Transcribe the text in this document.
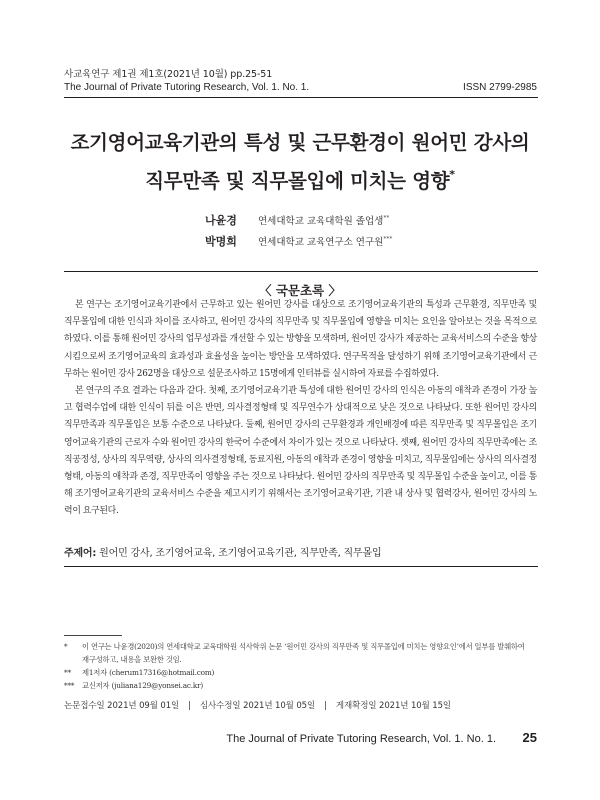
사교육연구 제1권 제1호(2021년 10월) pp.25-51
The Journal of Private Tutoring Research, Vol. 1. No. 1.	ISSN 2799-2985
조기영어교육기관의 특성 및 근무환경이 원어민 강사의
직무만족 및 직무몰입에 미치는 영향*
나윤경 연세대학교 교육대학원 졸업생**
박명희 연세대학교 교육연구소 연구원***
〈 국문초록 〉

본 연구는 조기영어교육기관에서 근무하고 있는 원어민 강사를 대상으로 조기영어교육기관의 특성과 근무환경, 직무만족 및 직무몰입에 대한 인식과 차이를 조사하고, 원어민 강사의 직무만족 및 직무몰입에 영향을 미치는 요인을 알아보는 것을 목적으로 하였다. 이를 통해 원어민 강사의 업무성과를 개선할 수 있는 방향을 모색하며, 원어민 강사가 제공하는 교육서비스의 수준을 향상시킴으로써 조기영어교육의 효과성과 효율성을 높이는 방안을 모색하였다. 연구목적을 달성하기 위해 조기영어교육기관에서 근무하는 원어민 강사 262명을 대상으로 설문조사하고 15명에게 인터뷰를 실시하여 자료를 수집하였다.

본 연구의 주요 결과는 다음과 같다. 첫째, 조기영어교육기관 특성에 대한 원어민 강사의 인식은 아동의 애착과 존경이 가장 높고 협력수업에 대한 인식이 뒤를 이은 반면, 의사결정형태 및 직무연수가 상대적으로 낮은 것으로 나타났다. 또한 원어민 강사의 직무만족과 직무몰입은 보통 수준으로 나타났다. 둘째, 원어민 강사의 근무환경과 개인배경에 따른 직무만족 및 직무몰입은 조기영어교육기관의 근로자 수와 원어민 강사의 한국어 수준에서 차이가 있는 것으로 나타났다. 셋째, 원어민 강사의 직무만족에는 조직공정성, 상사의 직무역량, 상사의 의사결정형태, 동료지원, 아동의 애착과 존경이 영향을 미치고, 직무몰입에는 상사의 의사결정형태, 아동의 애착과 존경, 직무만족이 영향을 주는 것으로 나타났다. 원어민 강사의 직무만족 및 직무몰입 수준을 높이고, 이를 통해 조기영어교육기관의 교육서비스 수준을 제고시키기 위해서는 조기영어교육기관, 기관 내 상사 및 협력강사, 원어민 강사의 노력이 요구된다.

주제어: 원어민 강사, 조기영어교육, 조기영어교육기관, 직무만족, 직무몰입
* 이 연구는 나윤경(2020)의 연세대학교 교육대학원 석사학위 논문 ‘원어민 강사의 직무만족 및 직무몰입에 미치는 영향요인’에서 일부를 발췌하여
재구성하고, 내용을 보완한 것임.
** 제1저자 (cherum17316@hotmail.com)
*** 교신저자 (juliana129@yonsei.ac.kr)
논문접수일 2021년 09월 01일 | 심사수정일 2021년 10월 05일 | 게재확정일 2021년 10월 15일
The Journal of Private Tutoring Research, Vol. 1. No. 1. 25
